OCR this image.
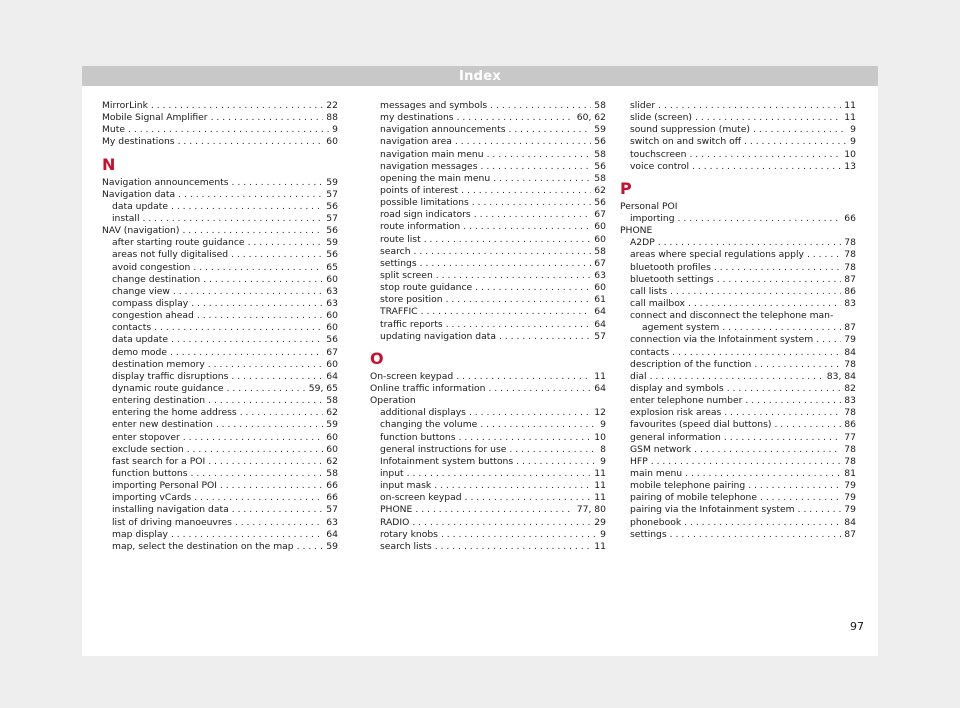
Index
MirrorLink . . .	22
Mobile Signal Amplifier . . .	88
Mute . . .	9
My destinations . . .	60
N
Navigation announcements . . .	59
Navigation data . . .	57
data update . . .	56
install . . .	57
NAV (navigation) . . .	56
after starting route guidance . . .	59
areas not fully digitalised . . .	56
avoid congestion . . .	65
change destination . . .	60
change view . . .	63
compass display . . .	63
congestion ahead . . .	60
contacts . . .	60
data update . . .	56
demo mode . . .	67
destination memory . . .	60
display traffic disruptions . . .	64
dynamic route guidance . . .	59, 65
entering destination . . .	58
entering the home address . . .	62
enter new destination . . .	59
enter stopover . . .	60
exclude section . . .	60
fast search for a POI . . .	62
function buttons . . .	58
importing Personal POI . . .	66
importing vCards . . .	66
installing navigation data . . .	57
list of driving manoeuvres . . .	63
map display . . .	64
map, select the destination on the map . . .	59
messages and symbols . . .	58
my destinations . . .	60, 62
navigation announcements . . .	59
navigation area . . .	56
navigation main menu . . .	58
navigation messages . . .	56
opening the main menu . . .	58
points of interest . . .	62
possible limitations . . .	56
road sign indicators . . .	67
route information . . .	60
route list . . .	60
search . . .	58
settings . . .	67
split screen . . .	63
stop route guidance . . .	60
store position . . .	61
TRAFFIC . . .	64
traffic reports . . .	64
updating navigation data . . .	57
O
On-screen keypad . . .	11
Online traffic information . . .	64
Operation
additional displays . . .	12
changing the volume . . .	9
function buttons . . .	10
general instructions for use . . .	8
Infotainment system buttons . . .	9
input . . .	11
input mask . . .	11
on-screen keypad . . .	11
PHONE . . .	77, 80
RADIO . . .	29
rotary knobs . . .	9
search lists . . .	11
slider . . .	11
slide (screen) . . .	11
sound suppression (mute) . . .	9
switch on and switch off . . .	9
touchscreen . . .	10
voice control . . .	13
P
Personal POI
importing . . .	66
PHONE
A2DP . . .	78
areas where special regulations apply . . .	78
bluetooth profiles . . .	78
bluetooth settings . . .	87
call lists . . .	86
call mailbox . . .	83
connect and disconnect the telephone man-
agement system . . .	87
connection via the Infotainment system . . .	79
contacts . . .	84
description of the function . . .	78
dial . . .	83, 84
display and symbols . . .	82
enter telephone number . . .	83
explosion risk areas . . .	78
favourites (speed dial buttons) . . .	86
general information . . .	77
GSM network . . .	78
HFP . . .	78
main menu . . .	81
mobile telephone pairing . . .	79
pairing of mobile telephone . . .	79
pairing via the Infotainment system . . .	79
phonebook . . .	84
settings . . .	87
97
